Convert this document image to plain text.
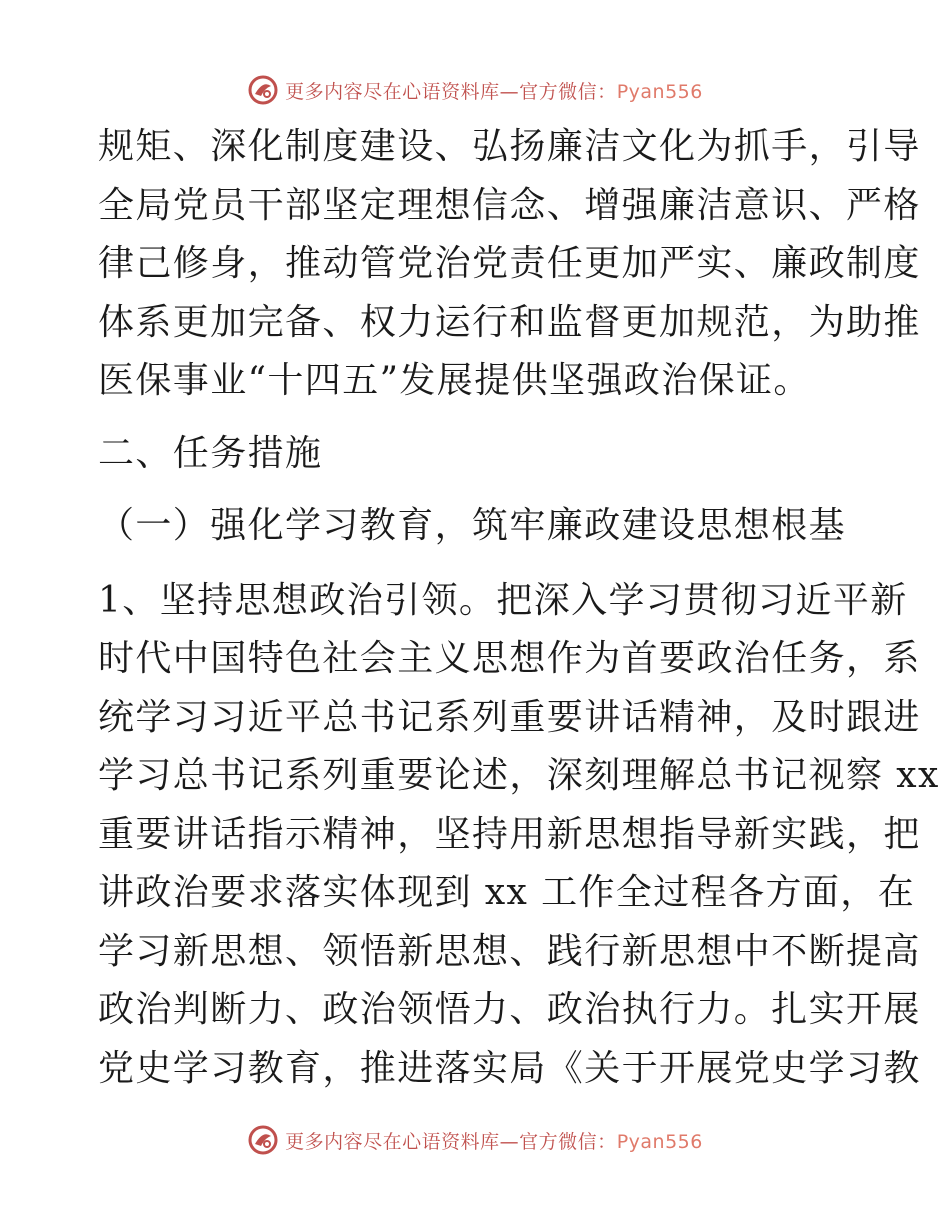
更多内容尽在心语资料库—官方微信：Pyan556

规矩、深化制度建设、弘扬廉洁文化为抓手，引导

全局党员干部坚定理想信念、增强廉洁意识、严格

律己修身，推动管党治党责任更加严实、廉政制度

体系更加完备、权力运行和监督更加规范，为助推

医保事业“十四五”发展提供坚强政治保证。

二、任务措施

（一）强化学习教育，筑牢廉政建设思想根基

1、坚持思想政治引领。把深入学习贯彻习近平新

时代中国特色社会主义思想作为首要政治任务，系

统学习习近平总书记系列重要讲话精神，及时跟进

学习总书记系列重要论述，深刻理解总书记视察 xx

重要讲话指示精神，坚持用新思想指导新实践，把

讲政治要求落实体现到 xx 工作全过程各方面，在

学习新思想、领悟新思想、践行新思想中不断提高

政治判断力、政治领悟力、政治执行力。扎实开展

党史学习教育，推进落实局《关于开展党史学习教

更多内容尽在心语资料库—官方微信：Pyan556
